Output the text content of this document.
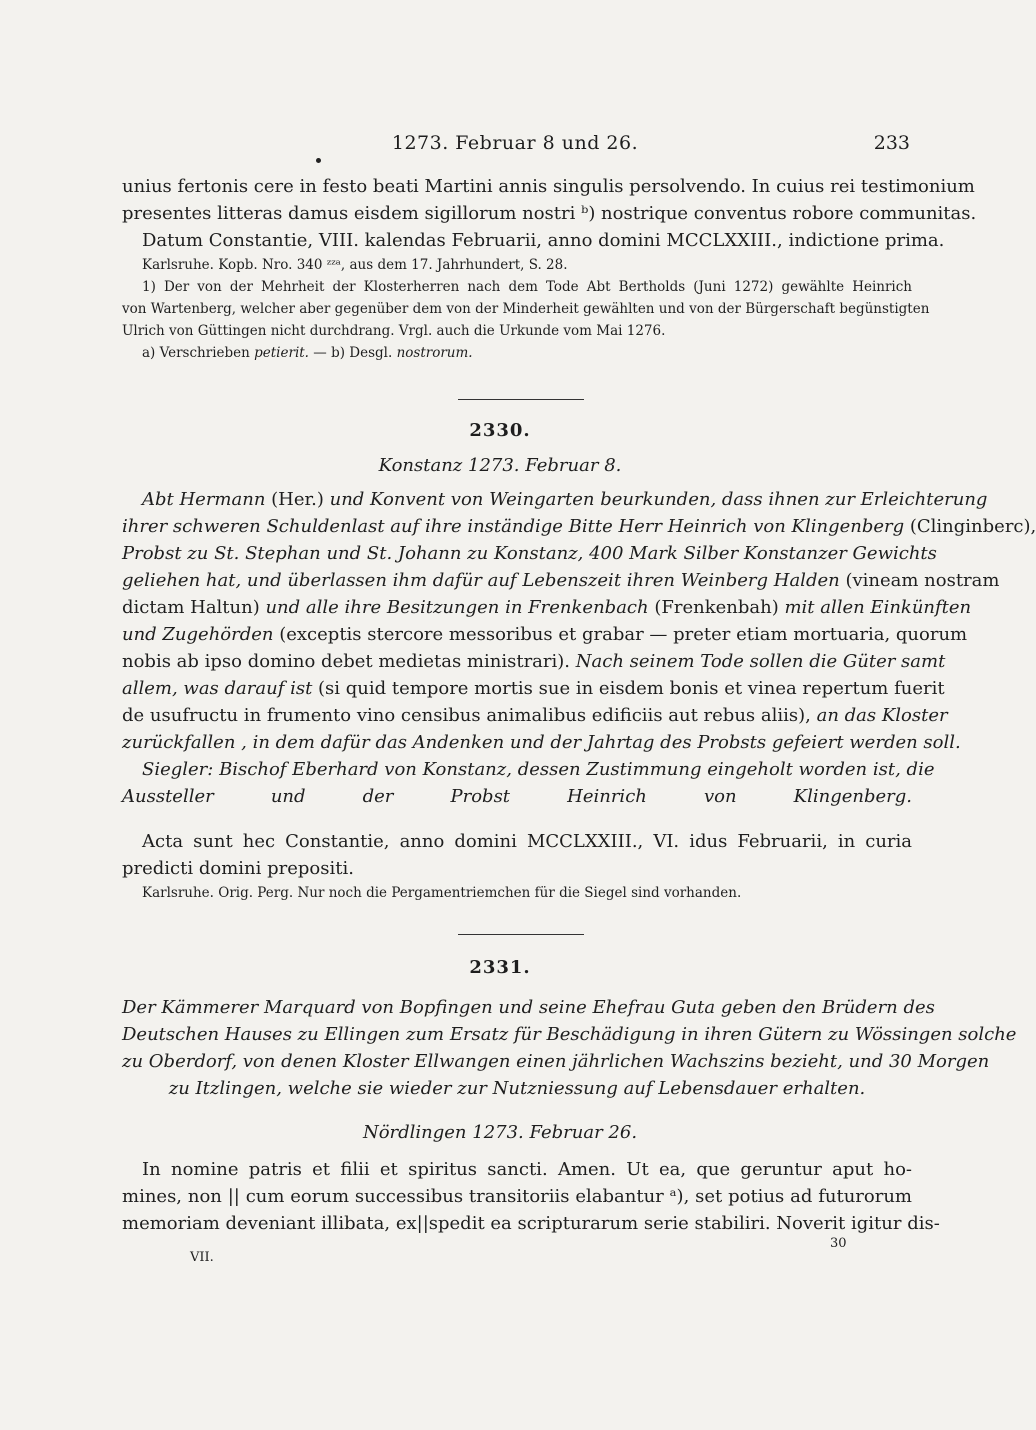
1273. Februar 8 und 26.	233
unius fertonis cere in festo beati Martini annis singulis persolvendo. In cuius rei testimonium
presentes litteras damus eisdem sigillorum nostri ᵇ) nostrique conventus robore communitas.
Datum Constantie, VIII. kalendas Februarii, anno domini MCCLXXIII., indictione prima.
Karlsruhe. Kopb. Nro. 340 ᶻᶻᵃ, aus dem 17. Jahrhundert, S. 28.
1) Der von der Mehrheit der Klosterherren nach dem Tode Abt Bertholds (Juni 1272) gewählte Heinrich
von Wartenberg, welcher aber gegenüber dem von der Minderheit gewählten und von der Bürgerschaft begünstigten
Ulrich von Güttingen nicht durchdrang. Vrgl. auch die Urkunde vom Mai 1276.
a) Verschrieben petierit. — b) Desgl. nostrorum.
2330.
Konstanz 1273. Februar 8.
Abt Hermann (Her.) und Konvent von Weingarten beurkunden, dass ihnen zur Erleichterung
ihrer schweren Schuldenlast auf ihre inständige Bitte Herr Heinrich von Klingenberg (Clinginberc),
Probst zu St. Stephan und St. Johann zu Konstanz, 400 Mark Silber Konstanzer Gewichts
geliehen hat, und überlassen ihm dafür auf Lebenszeit ihren Weinberg Halden (vineam nostram
dictam Haltun) und alle ihre Besitzungen in Frenkenbach (Frenkenbah) mit allen Einkünften
und Zugehörden (exceptis stercore messoribus et grabar — preter etiam mortuaria, quorum
nobis ab ipso domino debet medietas ministrari). Nach seinem Tode sollen die Güter samt
allem, was darauf ist (si quid tempore mortis sue in eisdem bonis et vinea repertum fuerit
de usufructu in frumento vino censibus animalibus edificiis aut rebus aliis), an das Kloster
zurückfallen , in dem dafür das Andenken und der Jahrtag des Probsts gefeiert werden soll.
Siegler: Bischof Eberhard von Konstanz, dessen Zustimmung eingeholt worden ist, die
Aussteller und der Probst Heinrich von Klingenberg.
Acta sunt hec Constantie, anno domini MCCLXXIII., VI. idus Februarii, in curia
predicti domini prepositi.
Karlsruhe. Orig. Perg. Nur noch die Pergamentriemchen für die Siegel sind vorhanden.
2331.
Der Kämmerer Marquard von Bopfingen und seine Ehefrau Guta geben den Brüdern des
Deutschen Hauses zu Ellingen zum Ersatz für Beschädigung in ihren Gütern zu Wössingen solche
zu Oberdorf, von denen Kloster Ellwangen einen jährlichen Wachszins bezieht, und 30 Morgen
zu Itzlingen, welche sie wieder zur Nutzniessung auf Lebensdauer erhalten.
Nördlingen 1273. Februar 26.
In nomine patris et filii et spiritus sancti. Amen. Ut ea, que geruntur aput ho-
mines, non || cum eorum successibus transitoriis elabantur ᵃ), set potius ad futurorum
memoriam deveniant illibata, ex||spedit ea scripturarum serie stabiliri. Noverit igitur dis-
VII.
30
